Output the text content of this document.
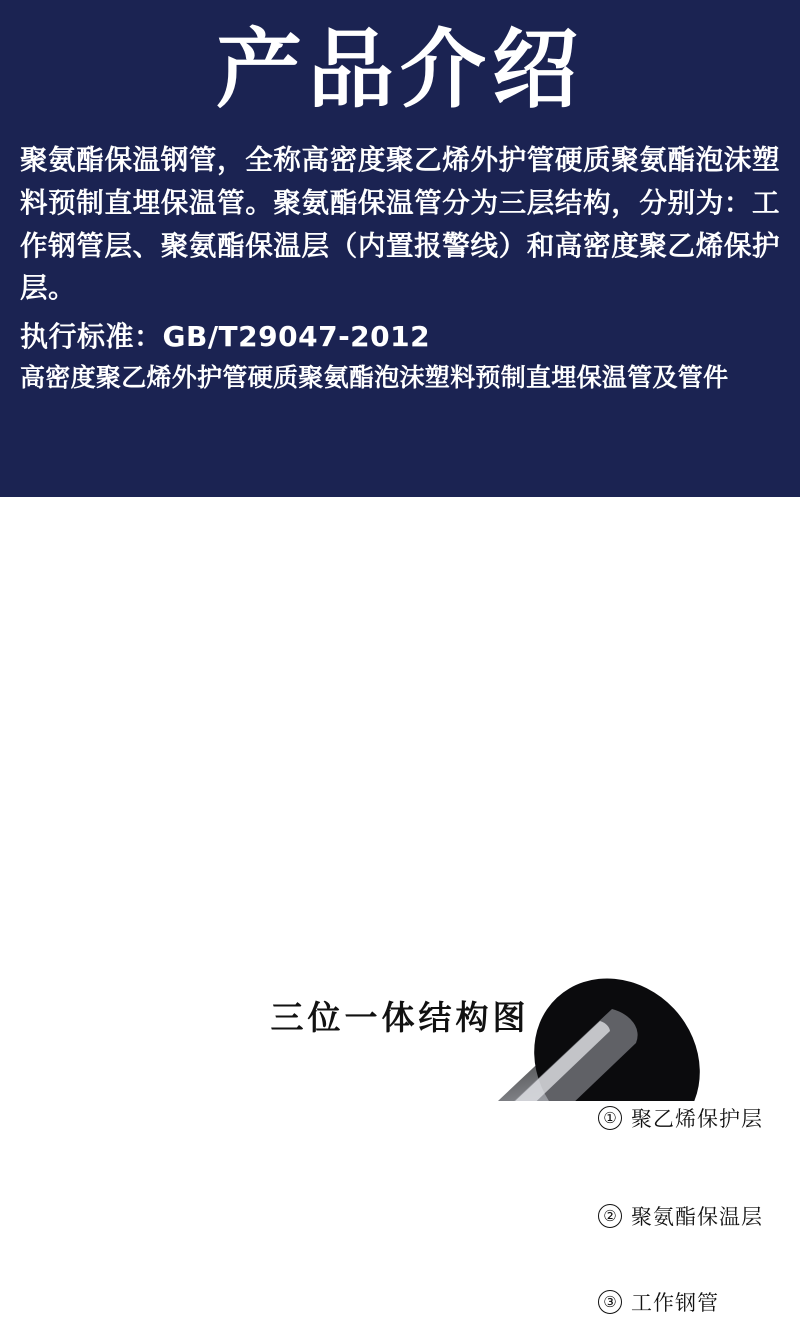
产品介绍
聚氨酯保温钢管，全称高密度聚乙烯外护管硬质聚氨酯泡沫塑料预制直埋保温管。聚氨酯保温管分为三层结构，分别为：工作钢管层、聚氨酯保温层（内置报警线）和高密度聚乙烯保护层。
执行标准：GB/T29047-2012
高密度聚乙烯外护管硬质聚氨酯泡沫塑料预制直埋保温管及管件
① 聚乙烯保护层
② 聚氨酯保温层
③ 工作钢管
三位一体结构图
